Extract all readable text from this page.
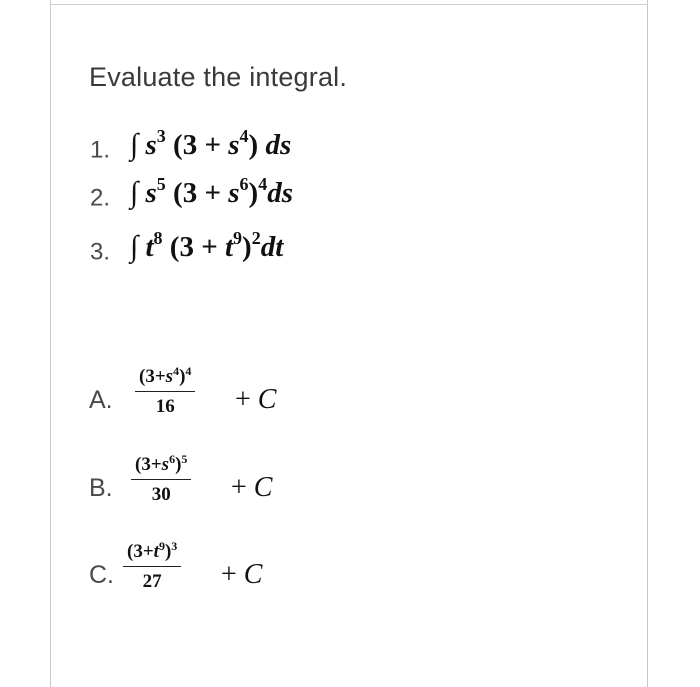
Evaluate the integral.
1. ∫ $s^3$ $(3 + s^4)$ ds
2. ∫ $s^5$ $(3 + s^6)^4ds$
3. ∫ $t^8$ $(3 + t^9)^2dt$
A. $\frac{(3+s^4)^4}{16} + C$
B. $\frac{(3+s^6)^5}{30} + C$
C. $\frac{(3+t^9)^3}{27} + C$
